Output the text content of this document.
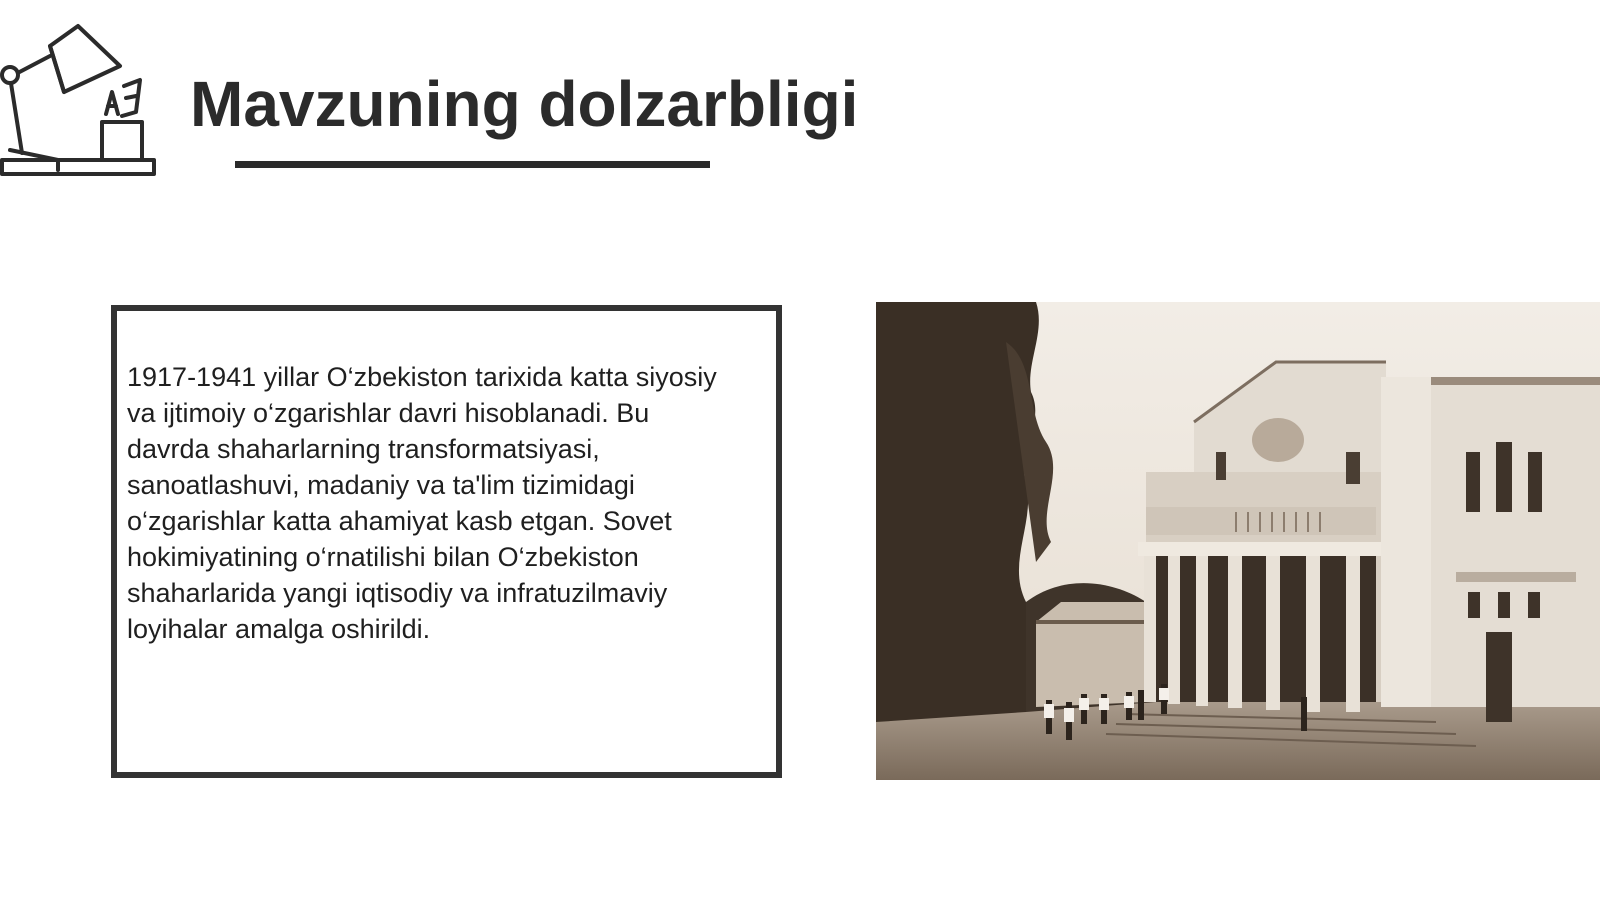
Mavzuning dolzarbligi

1917-1941 yillar O‘zbekiston tarixida katta siyosiy va ijtimoiy o‘zgarishlar davri hisoblanadi. Bu davrda shaharlarning transformatsiyasi, sanoatlashuvi, madaniy va ta'lim tizimidagi o‘zgarishlar katta ahamiyat kasb etgan. Sovet hokimiyatining o‘rnatilishi bilan O‘zbekiston shaharlarida yangi iqtisodiy va infratuzilmaviy loyihalar amalga oshirildi.
